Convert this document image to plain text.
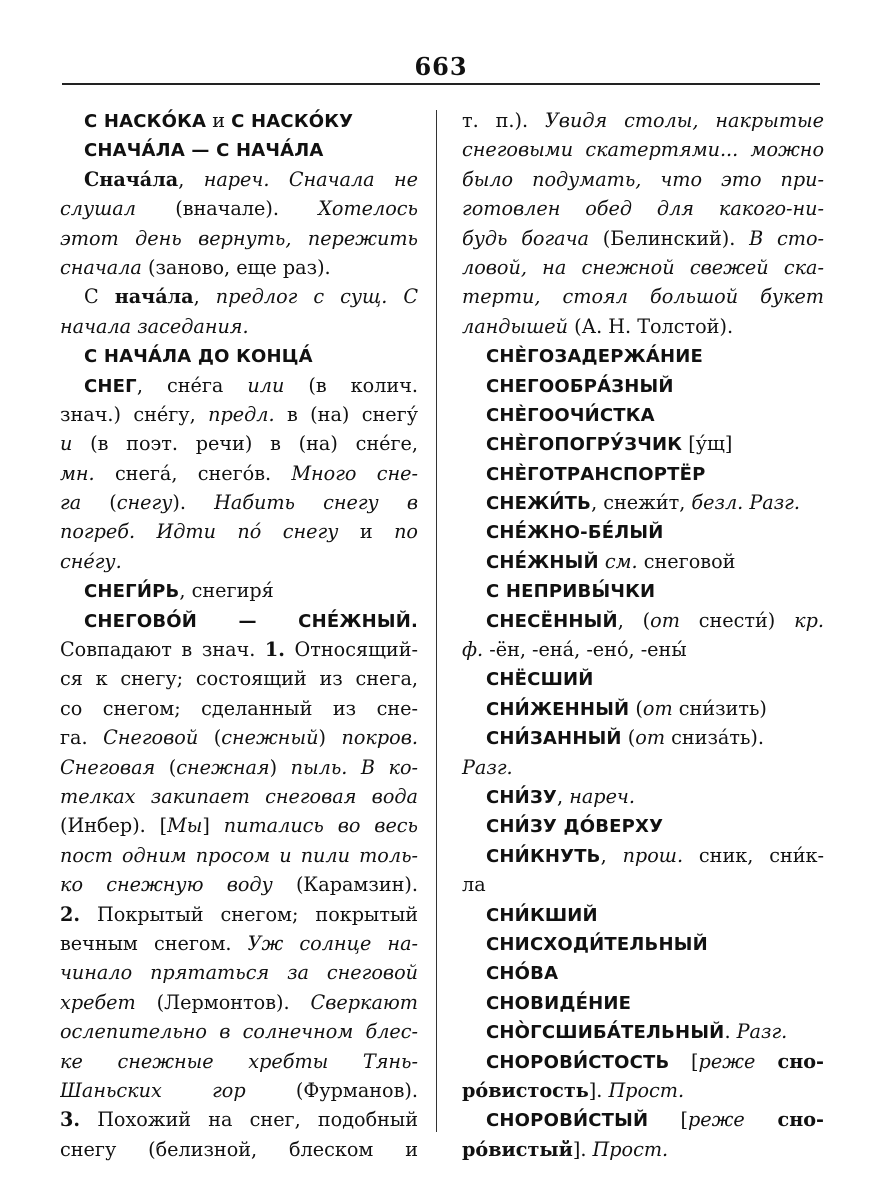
663
С НАСКО́КА и С НАСКО́КУ
СНАЧА́ЛА — С НАЧА́ЛА
Снача́ла, нареч. Сначала не
слушал (вначале). Хотелось
этот день вернуть, пережить
сначала (заново, еще раз).
С нача́ла, предлог с сущ. С
начала заседания.
С НАЧА́ЛА ДО КОНЦА́
СНЕГ, сне́га или (в колич.
знач.) сне́гу, предл. в (на) снегу́
и (в поэт. речи) в (на) сне́ге,
мн. снега́, снего́в. Много сне-
га (снегу). Набить снегу в
погреб. Идти по́ снегу и по
сне́гу.
СНЕГИ́РЬ, снегиря́
СНЕГОВО́Й — СНЕ́ЖНЫЙ.
Совпадают в знач. 1. Относящий-
ся к снегу; состоящий из снега,
со снегом; сделанный из сне-
га. Снеговой (снежный) покров.
Снеговая (снежная) пыль. В ко-
телках закипает снеговая вода
(Инбер). [Мы] питались во весь
пост одним просом и пили толь-
ко снежную воду (Карамзин).
2. Покрытый снегом; покрытый
вечным снегом. Уж солнце на-
чинало прятаться за снеговой
хребет (Лермонтов). Сверкают
ослепительно в солнечном блес-
ке снежные хребты Тянь-
Шаньских гор (Фурманов).
3. Похожий на снег, подобный
снегу (белизной, блеском и
т. п.). Увидя столы, накрытые
снеговыми скатертями... можно
было подумать, что это при-
готовлен обед для какого-ни-
будь богача (Белинский). В сто-
ловой, на снежной свежей ска-
терти, стоял большой букет
ландышей (А. Н. Толстой).
СНЀГОЗАДЕРЖА́НИЕ
СНЕГООБРА́ЗНЫЙ
СНЀГООЧИ́СТКА
СНЀГОПОГРУ́ЗЧИК [у́щ]
СНЀГОТРАНСПОРТЁР
СНЕЖИ́ТЬ, снежи́т, безл. Разг.
СНЕ́ЖНО-БЕ́ЛЫЙ
СНЕ́ЖНЫЙ см. снеговой
С НЕПРИВЫ́ЧКИ
СНЕСЁННЫЙ, (от снести́) кр.
ф. -ён, -ена́, -ено́, -ены́
СНЁСШИЙ
СНИ́ЖЕННЫЙ (от сни́зить)
СНИ́ЗАННЫЙ (от сниза́ть).
Разг.
СНИ́ЗУ, нареч.
СНИ́ЗУ ДО́ВЕРХУ
СНИ́КНУТЬ, прош. сник, сни́к-
ла
СНИ́КШИЙ
СНИСХОДИ́ТЕЛЬНЫЙ
СНО́ВА
СНОВИДЕ́НИЕ
СНО̀ГСШИБА́ТЕЛЬНЫЙ. Разг.
СНОРОВИ́СТОСТЬ [реже сно-
ро́вистость]. Прост.
СНОРОВИ́СТЫЙ [реже сно-
ро́вистый]. Прост.
